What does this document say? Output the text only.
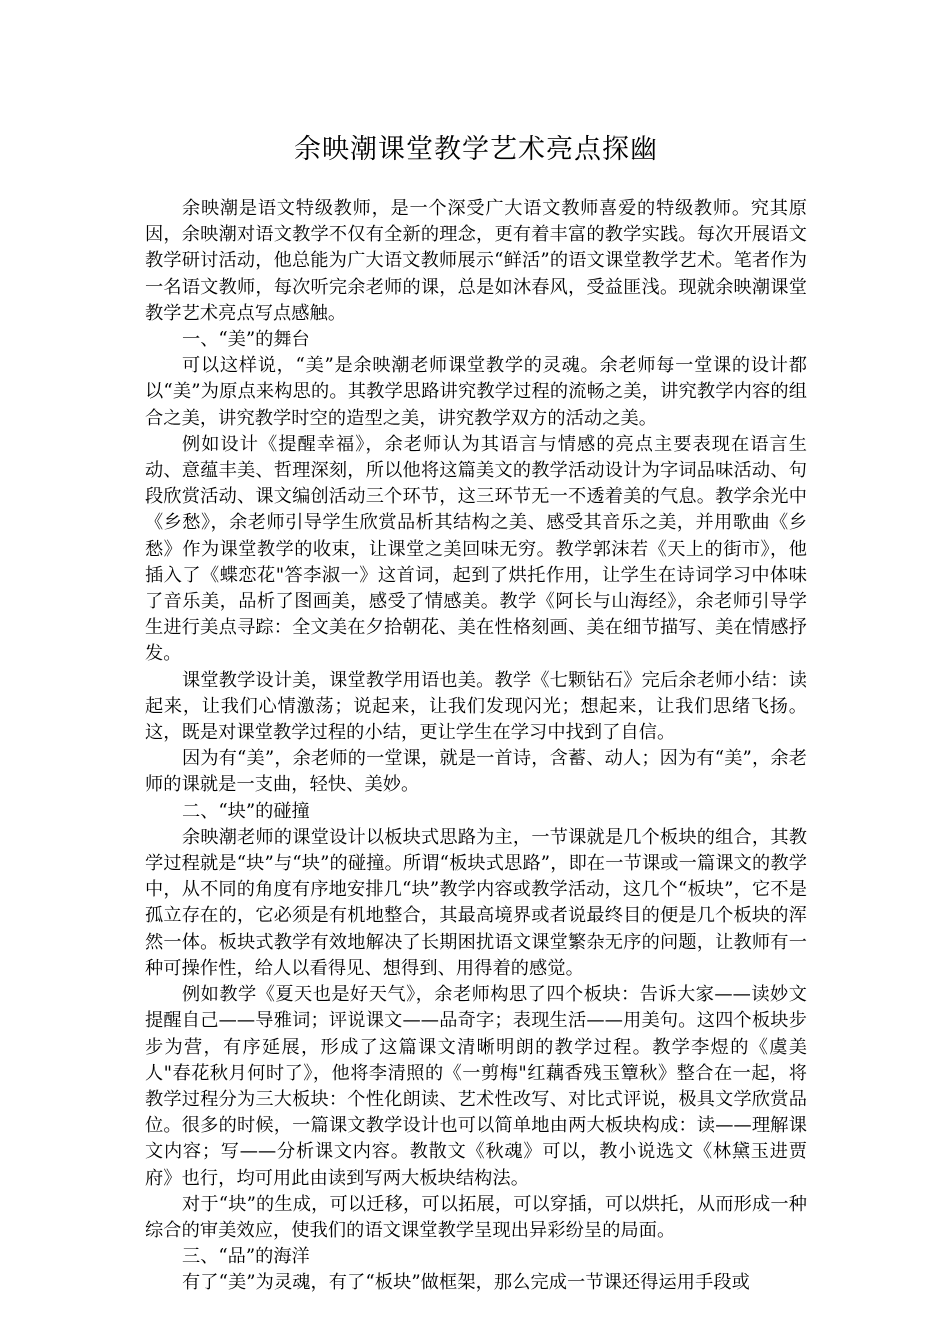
余映潮课堂教学艺术亮点探幽

余映潮是语文特级教师，是一个深受广大语文教师喜爱的特级教师。究其原因，余映潮对语文教学不仅有全新的理念，更有着丰富的教学实践。每次开展语文教学研讨活动，他总能为广大语文教师展示“鲜活”的语文课堂教学艺术。笔者作为一名语文教师，每次听完余老师的课，总是如沐春风，受益匪浅。现就余映潮课堂教学艺术亮点写点感触。

一、“美”的舞台

可以这样说，“美”是余映潮老师课堂教学的灵魂。余老师每一堂课的设计都以“美”为原点来构思的。其教学思路讲究教学过程的流畅之美，讲究教学内容的组合之美，讲究教学时空的造型之美，讲究教学双方的活动之美。

例如设计《提醒幸福》，余老师认为其语言与情感的亮点主要表现在语言生动、意蕴丰美、哲理深刻，所以他将这篇美文的教学活动设计为字词品味活动、句段欣赏活动、课文编创活动三个环节，这三环节无一不透着美的气息。教学余光中《乡愁》，余老师引导学生欣赏品析其结构之美、感受其音乐之美，并用歌曲《乡愁》作为课堂教学的收束，让课堂之美回味无穷。教学郭沫若《天上的街市》，他插入了《蝶恋花"答李淑一》这首词，起到了烘托作用，让学生在诗词学习中体味了音乐美，品析了图画美，感受了情感美。教学《阿长与山海经》，余老师引导学生进行美点寻踪：全文美在夕拾朝花、美在性格刻画、美在细节描写、美在情感抒发。

课堂教学设计美，课堂教学用语也美。教学《七颗钻石》完后余老师小结：读起来，让我们心情激荡；说起来，让我们发现闪光；想起来，让我们思绪飞扬。这，既是对课堂教学过程的小结，更让学生在学习中找到了自信。

因为有“美”，余老师的一堂课，就是一首诗，含蓄、动人；因为有“美”，余老师的课就是一支曲，轻快、美妙。

二、“块”的碰撞

余映潮老师的课堂设计以板块式思路为主，一节课就是几个板块的组合，其教学过程就是“块”与“块”的碰撞。所谓“板块式思路”，即在一节课或一篇课文的教学中，从不同的角度有序地安排几“块”教学内容或教学活动，这几个“板块”，它不是孤立存在的，它必须是有机地整合，其最高境界或者说最终目的便是几个板块的浑然一体。板块式教学有效地解决了长期困扰语文课堂繁杂无序的问题，让教师有一种可操作性，给人以看得见、想得到、用得着的感觉。

例如教学《夏天也是好天气》，余老师构思了四个板块：告诉大家——读妙文提醒自己——导雅词；评说课文——品奇字；表现生活——用美句。这四个板块步步为营，有序延展，形成了这篇课文清晰明朗的教学过程。教学李煜的《虞美人"春花秋月何时了》，他将李清照的《一剪梅"红藕香残玉簟秋》整合在一起，将教学过程分为三大板块：个性化朗读、艺术性改写、对比式评说，极具文学欣赏品位。很多的时候，一篇课文教学设计也可以简单地由两大板块构成：读——理解课文内容；写——分析课文内容。教散文《秋魂》可以，教小说选文《林黛玉进贾府》也行，均可用此由读到写两大板块结构法。

对于“块”的生成，可以迁移，可以拓展，可以穿插，可以烘托，从而形成一种综合的审美效应，使我们的语文课堂教学呈现出异彩纷呈的局面。

三、“品”的海洋

有了“美”为灵魂，有了“板块”做框架，那么完成一节课还得运用手段或
